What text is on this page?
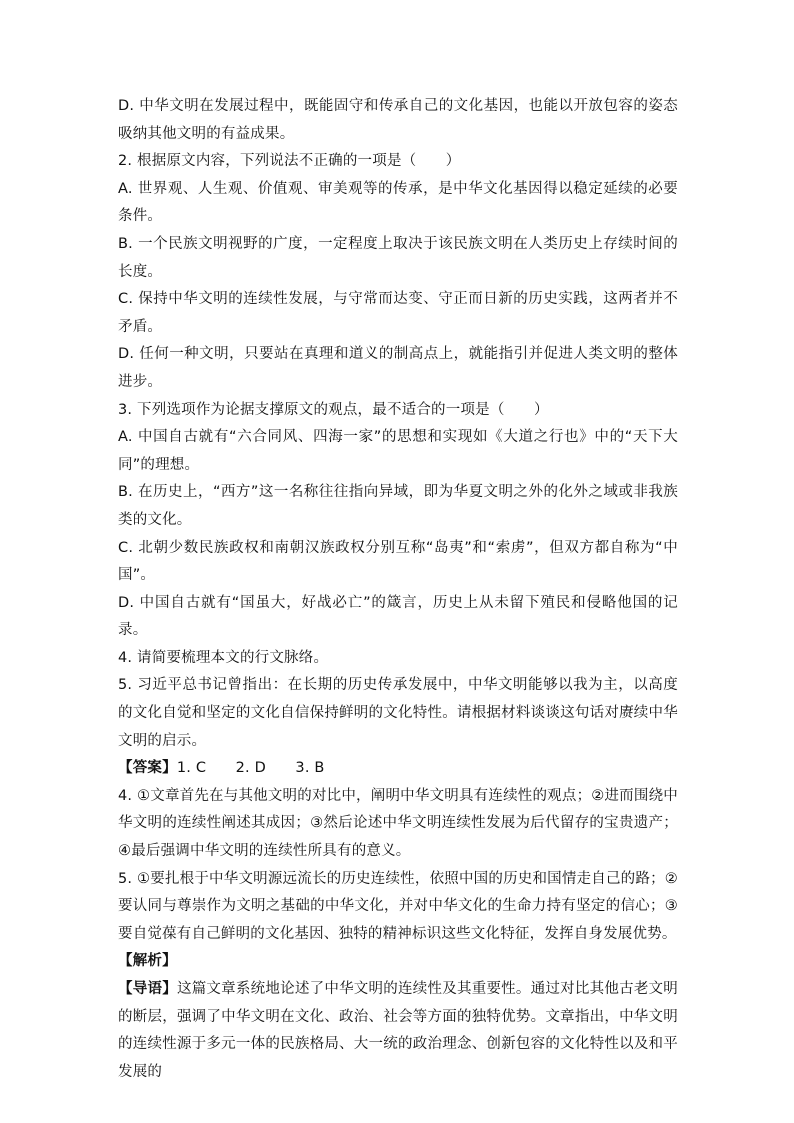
D. 中华文明在发展过程中，既能固守和传承自己的文化基因，也能以开放包容的姿态吸纳其他文明的有益成果。

2. 根据原文内容，下列说法不正确的一项是（　　）

A. 世界观、人生观、价值观、审美观等的传承，是中华文化基因得以稳定延续的必要条件。

B. 一个民族文明视野的广度，一定程度上取决于该民族文明在人类历史上存续时间的长度。

C. 保持中华文明的连续性发展，与守常而达变、守正而日新的历史实践，这两者并不矛盾。

D. 任何一种文明，只要站在真理和道义的制高点上，就能指引并促进人类文明的整体进步。

3. 下列选项作为论据支撑原文的观点，最不适合的一项是（　　）

A. 中国自古就有“六合同风、四海一家”的思想和实现如《大道之行也》中的“天下大同”的理想。

B. 在历史上，“西方”这一名称往往指向异域，即为华夏文明之外的化外之域或非我族类的文化。

C. 北朝少数民族政权和南朝汉族政权分别互称“岛夷”和“索虏”，但双方都自称为“中国”。

D. 中国自古就有“国虽大，好战必亡”的箴言，历史上从未留下殖民和侵略他国的记录。

4. 请简要梳理本文的行文脉络。

5. 习近平总书记曾指出：在长期的历史传承发展中，中华文明能够以我为主，以高度的文化自觉和坚定的文化自信保持鲜明的文化特性。请根据材料谈谈这句话对赓续中华文明的启示。

【答案】1. C　　2. D　　3. B

4. ①文章首先在与其他文明的对比中，阐明中华文明具有连续性的观点；②进而围绕中华文明的连续性阐述其成因；③然后论述中华文明连续性发展为后代留存的宝贵遗产；④最后强调中华文明的连续性所具有的意义。

5. ①要扎根于中华文明源远流长的历史连续性，依照中国的历史和国情走自己的路；②要认同与尊崇作为文明之基础的中华文化，并对中华文化的生命力持有坚定的信心；③要自觉葆有自己鲜明的文化基因、独特的精神标识这些文化特征，发挥自身发展优势。

【解析】

【导语】这篇文章系统地论述了中华文明的连续性及其重要性。通过对比其他古老文明的断层，强调了中华文明在文化、政治、社会等方面的独特优势。文章指出，中华文明的连续性源于多元一体的民族格局、大一统的政治理念、创新包容的文化特性以及和平发展的
